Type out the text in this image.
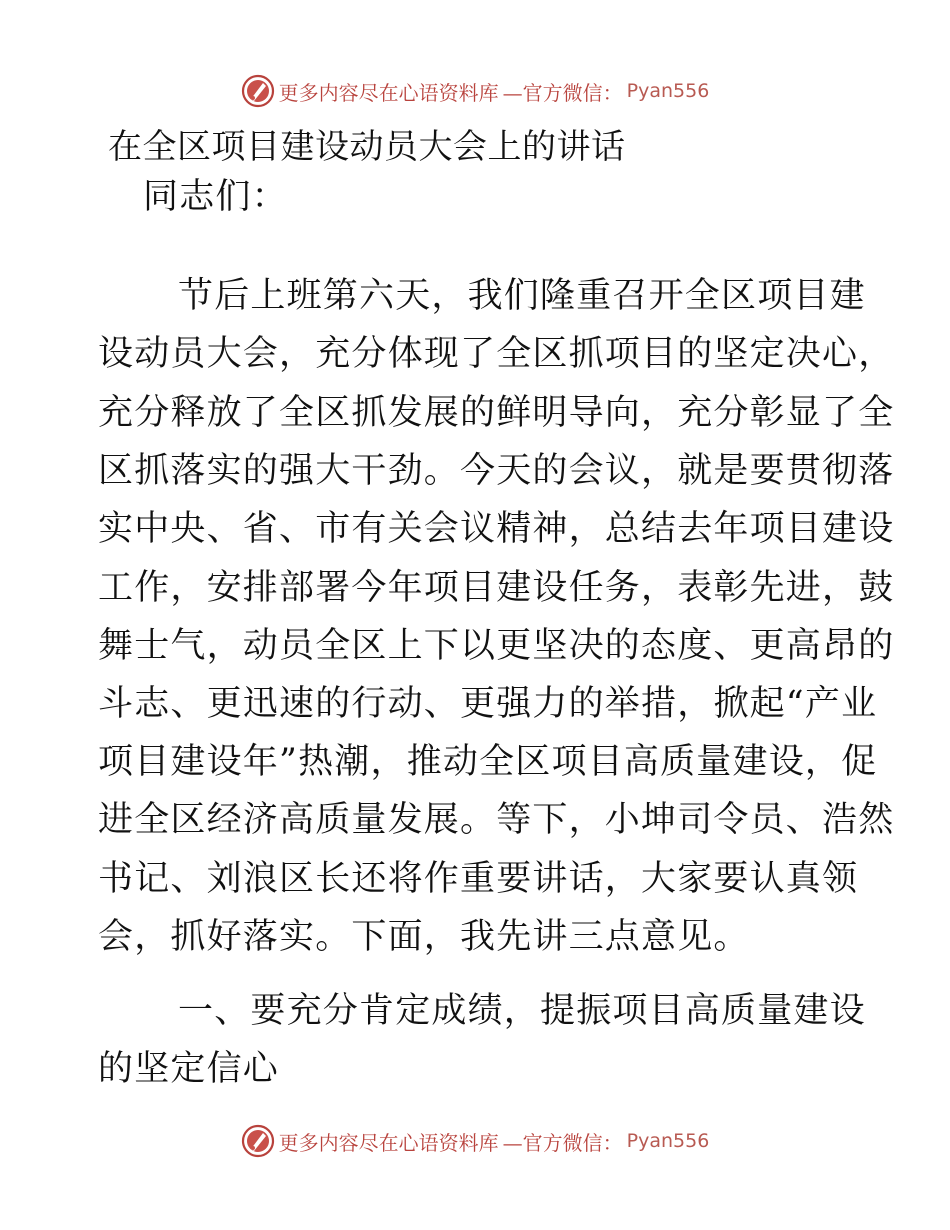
更多内容尽在心语资料库 —官方微信： Pyan556
在全区项目建设动员大会上的讲话
同志们：
节后上班第六天，我们隆重召开全区项目建
设动员大会，充分体现了全区抓项目的坚定决心，
充分释放了全区抓发展的鲜明导向，充分彰显了全
区抓落实的强大干劲。今天的会议，就是要贯彻落
实中央、省、市有关会议精神，总结去年项目建设
工作，安排部署今年项目建设任务，表彰先进，鼓
舞士气，动员全区上下以更坚决的态度、更高昂的
斗志、更迅速的行动、更强力的举措，掀起“产业
项目建设年”热潮，推动全区项目高质量建设，促
进全区经济高质量发展。等下，小坤司令员、浩然
书记、刘浪区长还将作重要讲话，大家要认真领
会，抓好落实。下面，我先讲三点意见。
一、要充分肯定成绩，提振项目高质量建设
的坚定信心
更多内容尽在心语资料库 —官方微信： Pyan556
